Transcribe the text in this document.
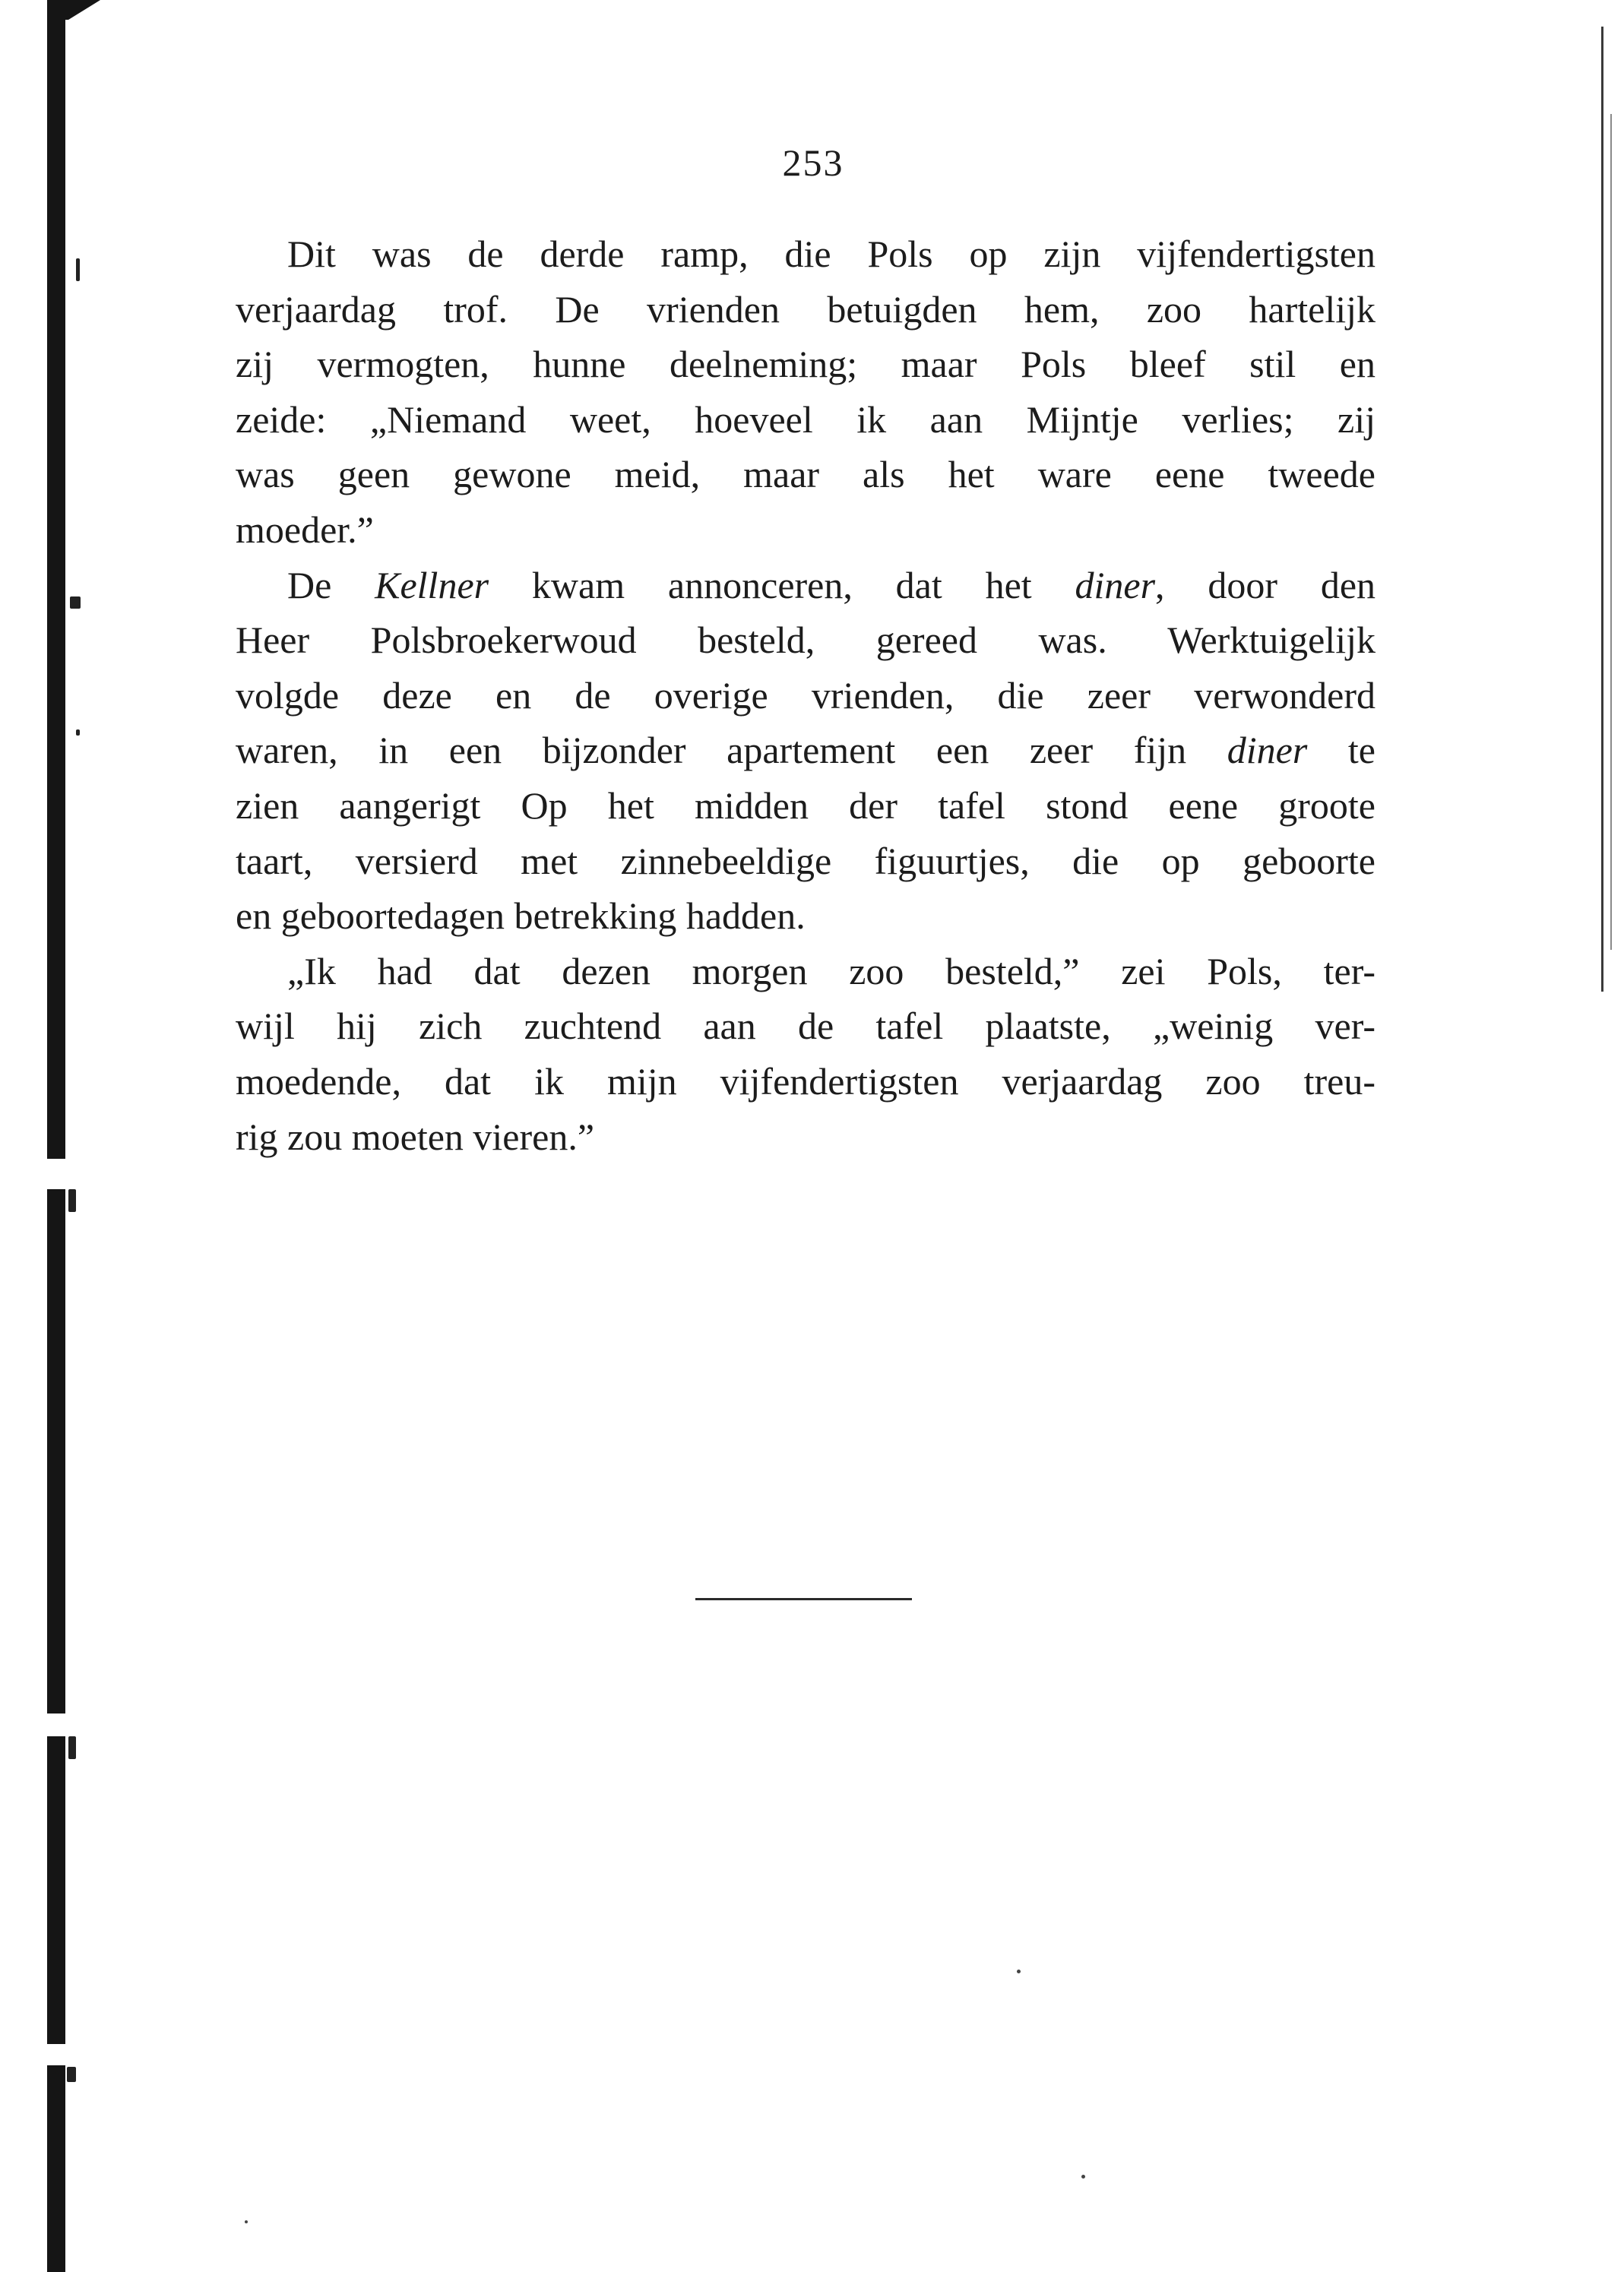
253
Dit was de derde ramp, die Pols op zijn vijfendertigsten
verjaardag trof. De vrienden betuigden hem, zoo hartelijk
zij vermogten, hunne deelneming; maar Pols bleef stil en
zeide: „Niemand weet, hoeveel ik aan Mijntje verlies; zij
was geen gewone meid, maar als het ware eene tweede
moeder.”
De Kellner kwam annonceren, dat het diner, door den
Heer Polsbroekerwoud besteld, gereed was. Werktuigelijk
volgde deze en de overige vrienden, die zeer verwonderd
waren, in een bijzonder apartement een zeer fijn diner te
zien aangerigt Op het midden der tafel stond eene groote
taart, versierd met zinnebeeldige figuurtjes, die op geboorte
en geboortedagen betrekking hadden.
„Ik had dat dezen morgen zoo besteld,” zei Pols, ter-
wijl hij zich zuchtend aan de tafel plaatste, „weinig ver-
moedende, dat ik mijn vijfendertigsten verjaardag zoo treu-
rig zou moeten vieren.”
